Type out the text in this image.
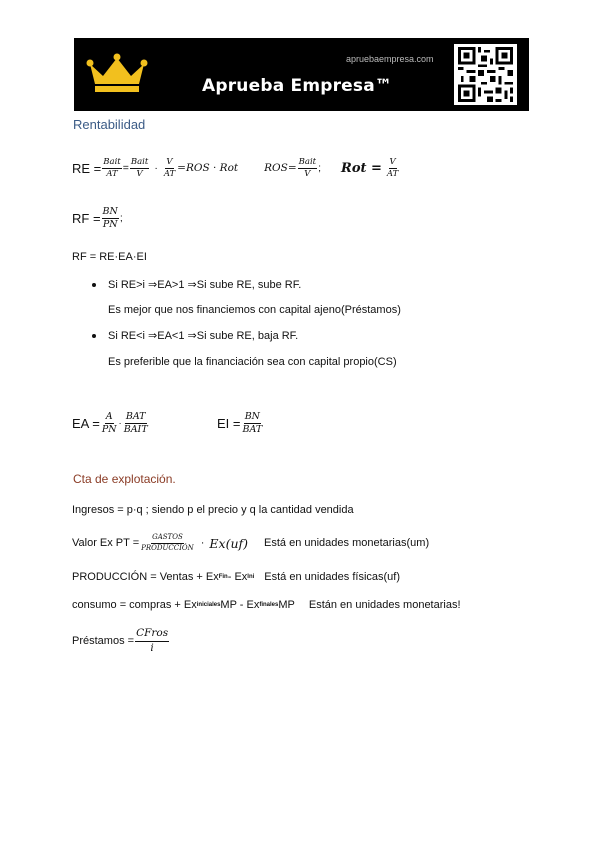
apruebaempresa.com
Aprueba Empresa™
Rentabilidad
RE = $\frac{\text{Bait}}{AT} = \frac{\text{Bait}}{V} \cdot \frac{V}{AT} =ROS$ · Rot $ROS= \frac{\text{Bait}}{V}$ ; Rot = $\frac{V}{AT}$
RF = $\frac{BN}{PN}$ ;
RF = RE·EA·EI
Si RE>i ⇒EA>1 ⇒Si sube RE, sube RF.
Es mejor que nos financiemos con capital ajeno(Préstamos)
Si RE<i ⇒EA<1 ⇒Si sube RE, baja RF.
Es preferible que la financiación sea con capital propio(CS)
EA = $\frac{A}{PN} \cdot \frac{\text{BAT}}{\text{BAIT}}$	EI = $\frac{BN}{\text{BAT}}$
Cta de explotación.
Ingresos = p·q ; siendo p el precio y q la cantidad vendida
Valor Ex PT = $\frac{\text{GASTOS}}{\text{PRODUCCIÓN}} \cdot Ex(uf)$ Está en unidades monetarias(um)
PRODUCCIÓN = Ventas + Ex Fin - Ex Ini Está en unidades físicas(uf)
consumo = compras + Ex iniciales MP - Ex finales MP Están en unidades monetarias!
Préstamos = $\frac{\text{CFros}}{i}$
